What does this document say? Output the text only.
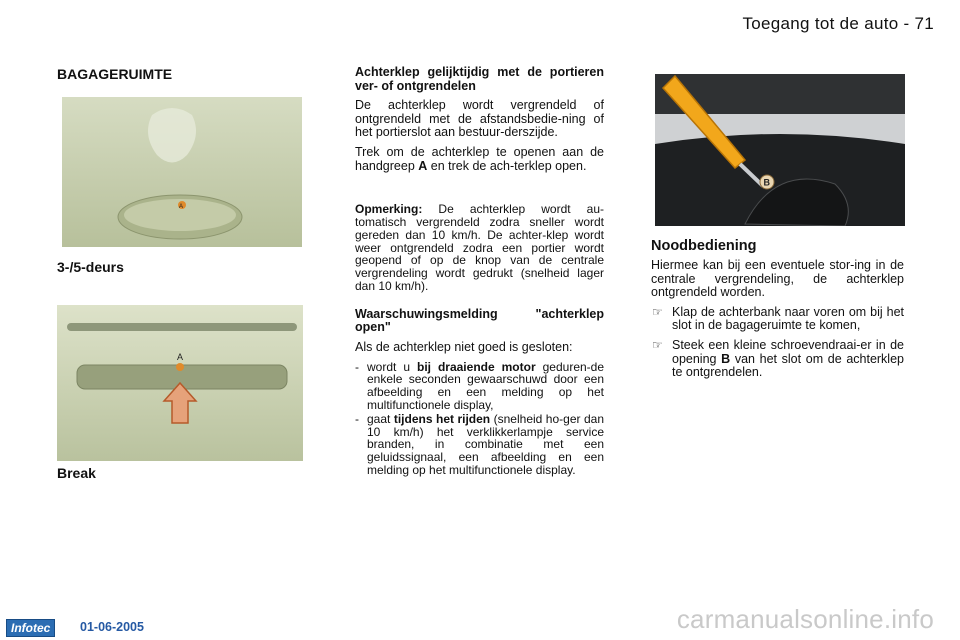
Toegang tot de auto - 71
BAGAGERUIMTE
A
3-/5-deurs
A
Break
Achterklep gelijktijdig met de portieren ver- of ontgrendelen

De achterklep wordt vergrendeld of ontgrendeld met de afstandsbedie-ning of het portierslot aan bestuur-derszijde.

Trek om de achterklep te openen aan de handgreep A en trek de ach-terklep open.

Opmerking: De achterklep wordt au-tomatisch vergrendeld zodra sneller wordt gereden dan 10 km/h. De achter-klep wordt weer ontgrendeld zodra een portier wordt geopend of op de knop van de centrale vergrendeling wordt gedrukt (snelheid lager dan 10 km/h).

Waarschuwingsmelding "achterklep open"

Als de achterklep niet goed is gesloten:

- wordt u bij draaiende motor geduren-de enkele seconden gewaarschuwd door een afbeelding en een melding op het multifunctionele display,
- gaat tijdens het rijden (snelheid ho-ger dan 10 km/h) het verklikkerlampje service branden, in combinatie met een geluidssignaal, een afbeelding en een melding op het multifunctionele display.
B
Noodbediening

Hiermee kan bij een eventuele stor-ing in de centrale vergrendeling, de achterklep ontgrendeld worden.

☞ Klap de achterbank naar voren om bij het slot in de bagageruimte te komen,
☞ Steek een kleine schroevendraai-er in de opening B van het slot om de achterklep te ontgrendelen.
Infotec	01-06-2005	carmanualsonline.info
